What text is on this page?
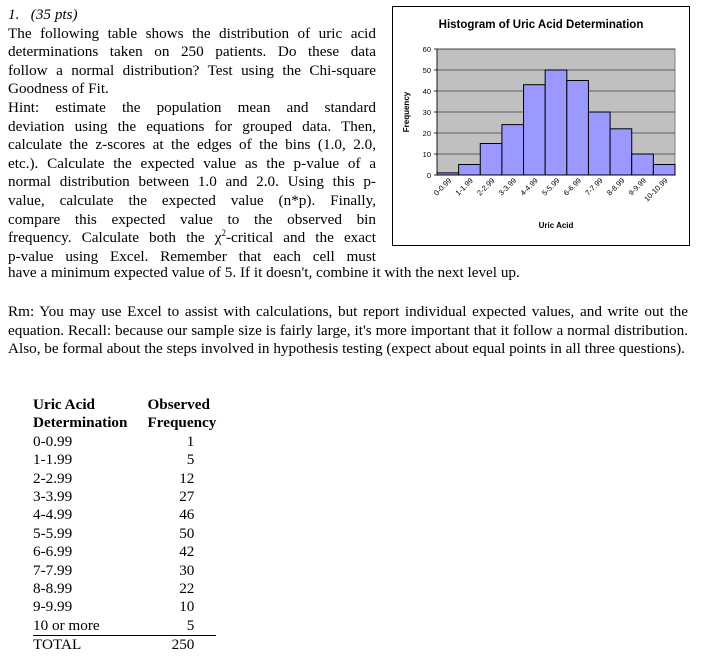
1. (35 pts)
The following table shows the distribution of uric acid
determinations taken on 250 patients. Do these data
follow a normal distribution? Test using the Chi-square
Goodness of Fit.
Hint: estimate the population mean and standard
deviation using the equations for grouped data. Then,
calculate the z-scores at the edges of the bins (1.0, 2.0,
etc.). Calculate the expected value as the p-value of a
normal distribution between 1.0 and 2.0. Using this p-
value, calculate the expected value (n*p). Finally,
compare this expected value to the observed bin
frequency. Calculate both the $\chi^2$-critical and the exact
p-value using Excel. Remember that each cell must
have a minimum expected value of 5. If it doesn't, combine it with the next level up.
Rm: You may use Excel to assist with calculations, but report individual expected values, and write out the equation. Recall: because our sample size is fairly large, it's more important that it follow a normal distribution. Also, be formal about the steps involved in hypothesis testing (expect about equal points in all three questions).
Histogram of Uric Acid Determination
0
10
20
30
40
50
60
0-0.99 1-1.99 2-2.99 3-3.99 4-4.99 5-5.99 6-6.99 7-7.99 8-8.99 9-9.99
10-10.99
Uric Acid
Frequency
Uric Acid
Determination	Observed
Frequency
0-0.99	1
1-1.99	5
2-2.99	12
3-3.99	27
4-4.99	46
5-5.99	50
6-6.99	42
7-7.99	30
8-8.99	22
9-9.99	10
10 or more	5
TOTAL	250
